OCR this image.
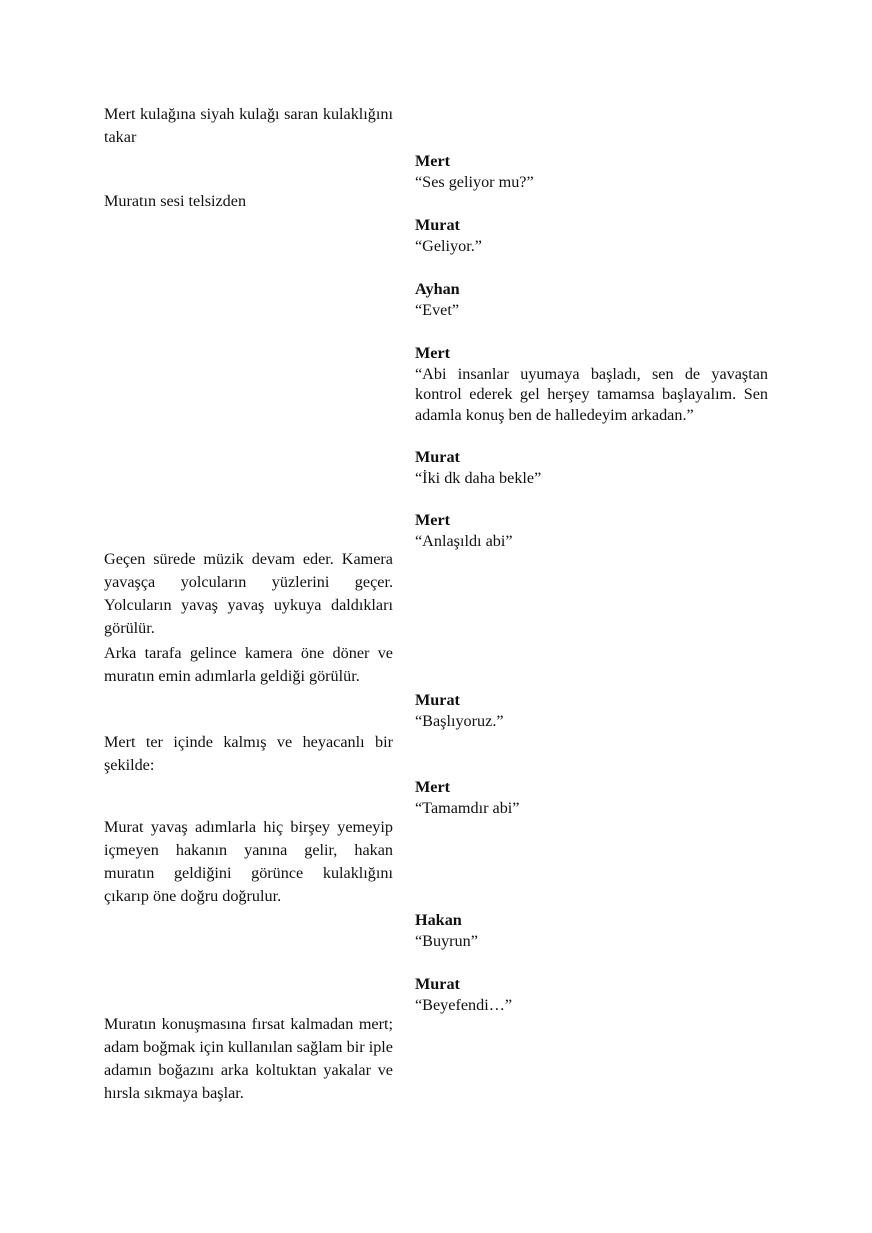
Mert kulağına siyah kulağı saran kulaklığını takar

Muratın sesi telsizden

Geçen sürede müzik devam eder. Kamera yavaşça yolcuların yüzlerini geçer. Yolcuların yavaş yavaş uykuya daldıkları görülür.

Arka tarafa gelince kamera öne döner ve muratın emin adımlarla geldiği görülür.

Mert ter içinde kalmış ve heyacanlı bir şekilde:

Murat yavaş adımlarla hiç birşey yemeyip içmeyen hakanın yanına gelir, hakan muratın geldiğini görünce kulaklığını çıkarıp öne doğru doğrulur.

Muratın konuşmasına fırsat kalmadan mert; adam boğmak için kullanılan sağlam bir iple adamın boğazını arka koltuktan yakalar ve hırsla sıkmaya başlar.

Mert
“Ses geliyor mu?”
Murat
“Geliyor.”
Ayhan
“Evet”
Mert
“Abi insanlar uyumaya başladı, sen de yavaştan kontrol ederek gel herşey tamamsa başlayalım. Sen adamla konuş ben de halledeyim arkadan.”
Murat
“İki dk daha bekle”
Mert
“Anlaşıldı abi”
Murat
“Başlıyoruz.”
Mert
“Tamamdır abi”
Hakan
“Buyrun”
Murat
“Beyefendi…”
